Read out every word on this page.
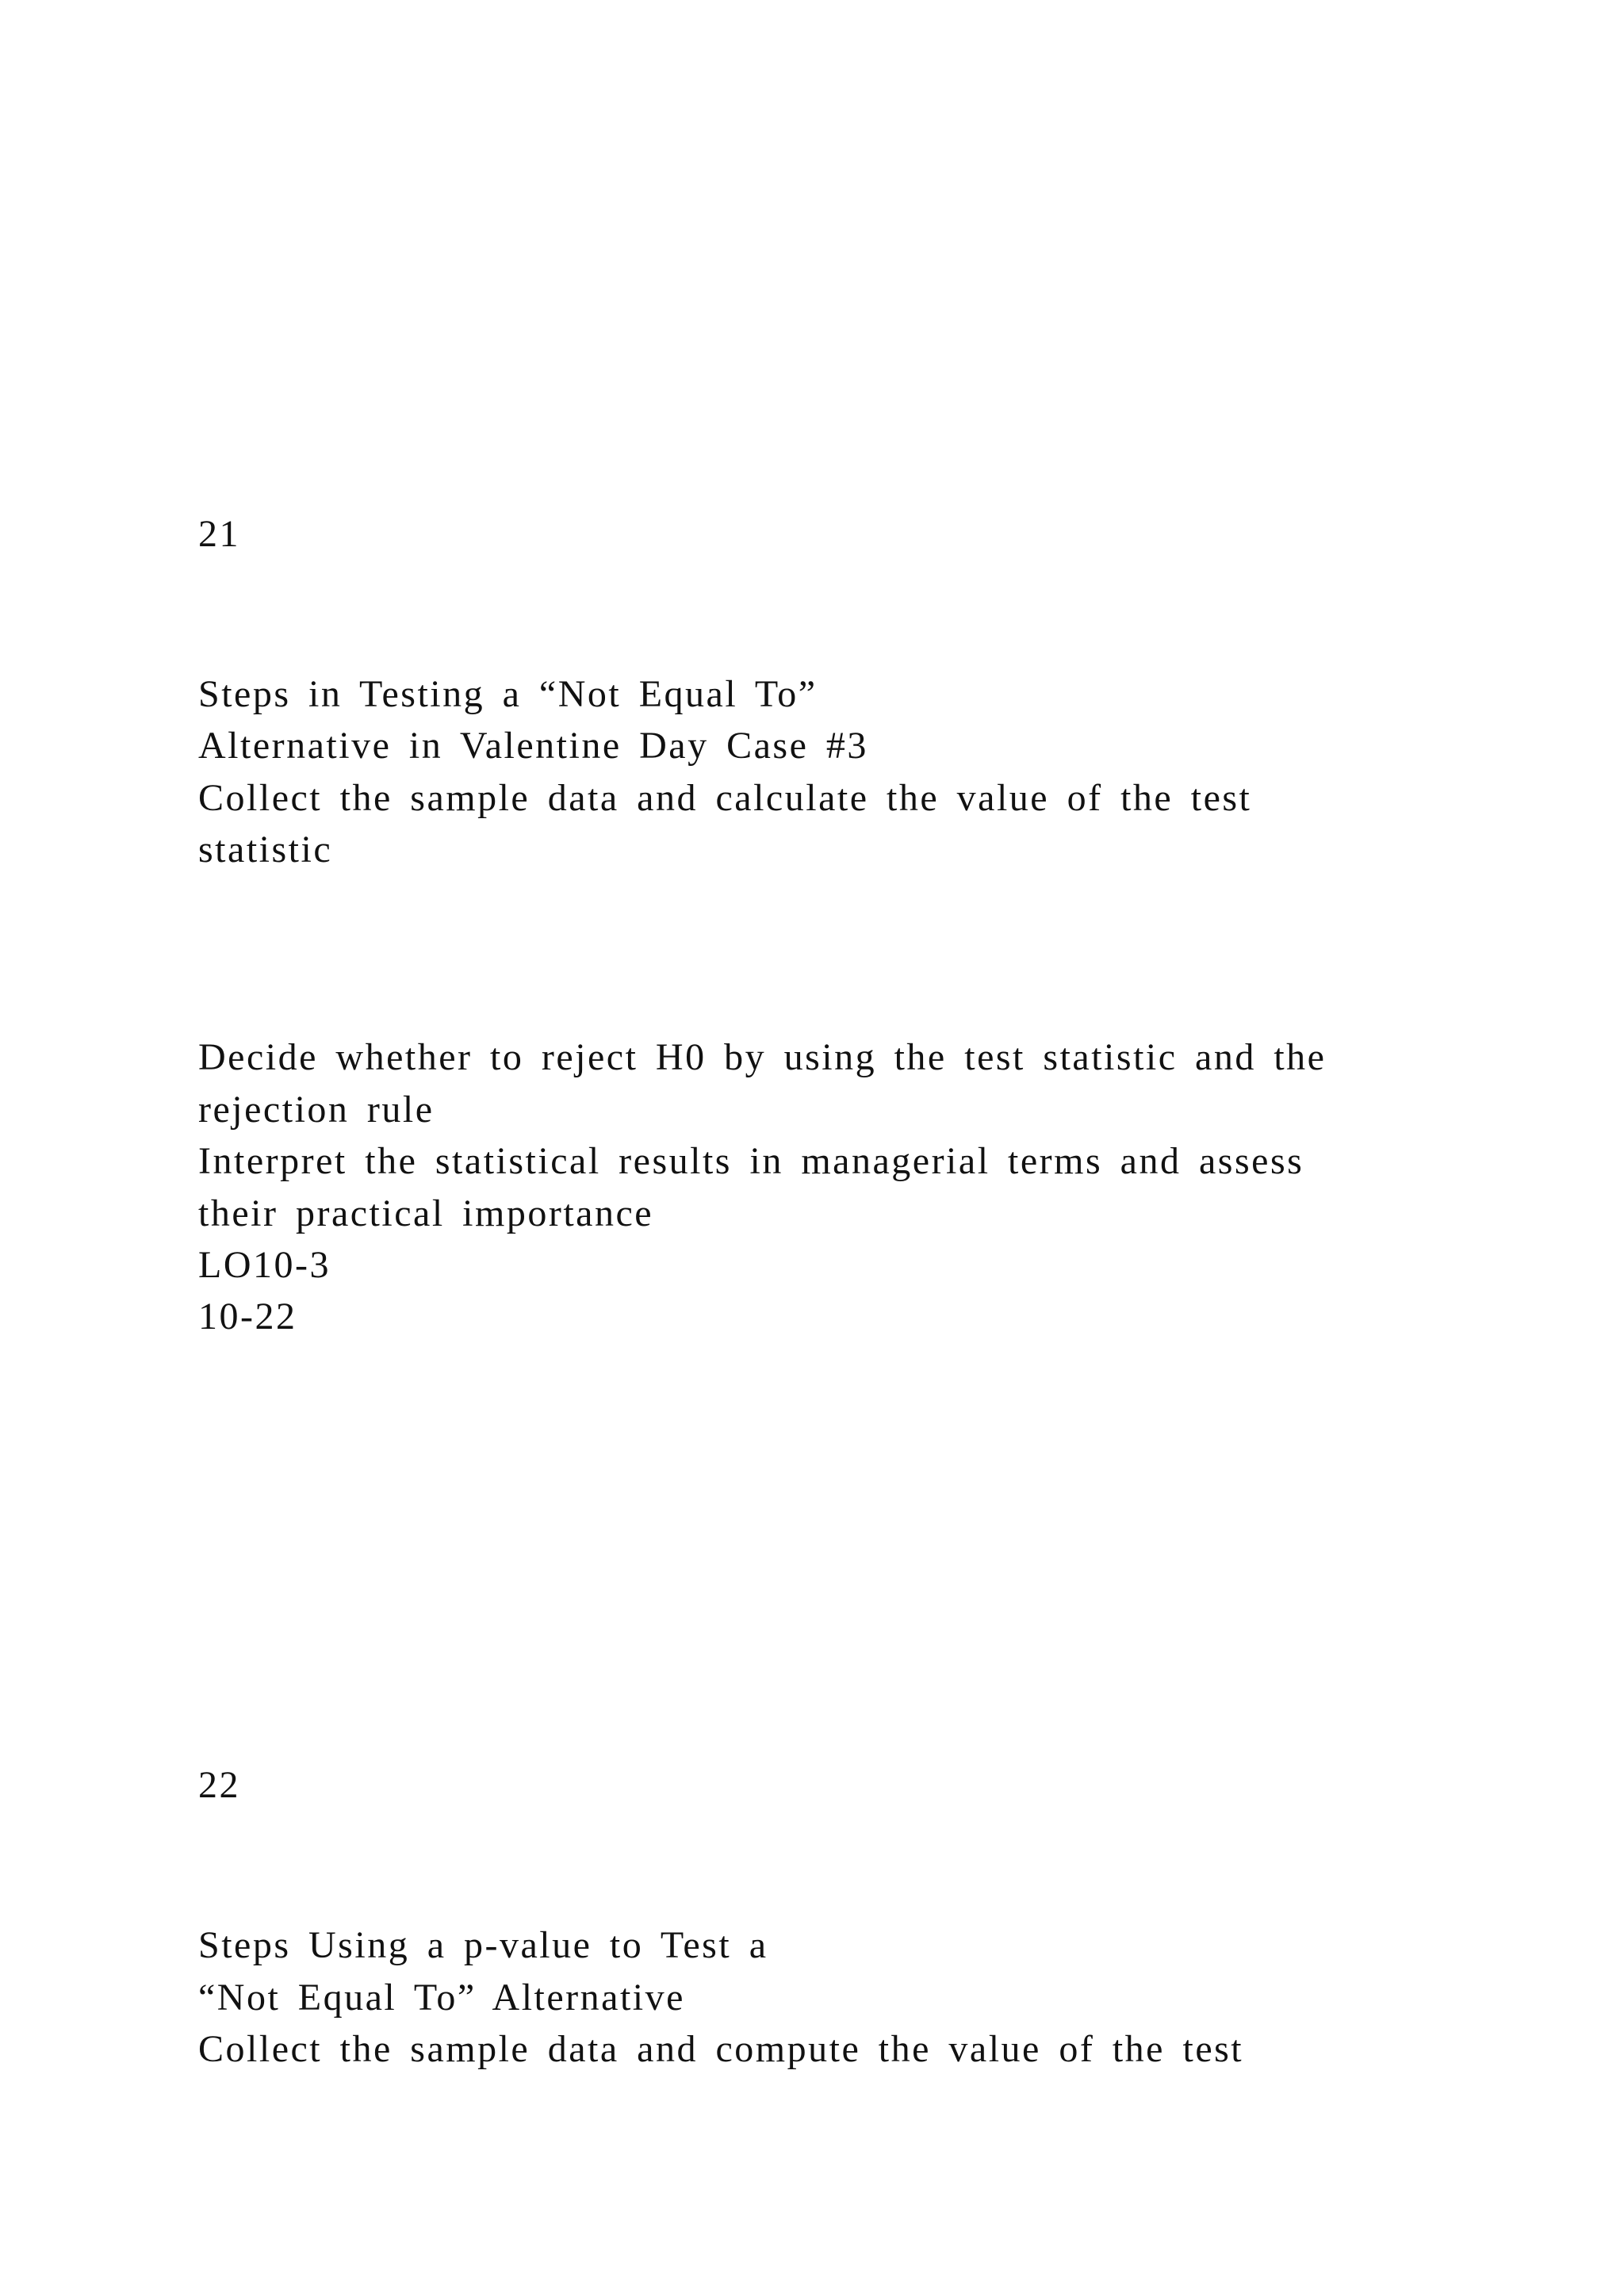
21
Steps in Testing a “Not Equal To”
Alternative in Valentine Day Case #3
Collect the sample data and calculate the value of the test
statistic
Decide whether to reject H0 by using the test statistic and the
rejection rule
Interpret the statistical results in managerial terms and assess
their practical importance
LO10-3
10-22
22
Steps Using a p-value to Test a
“Not Equal To” Alternative
Collect the sample data and compute the value of the test
